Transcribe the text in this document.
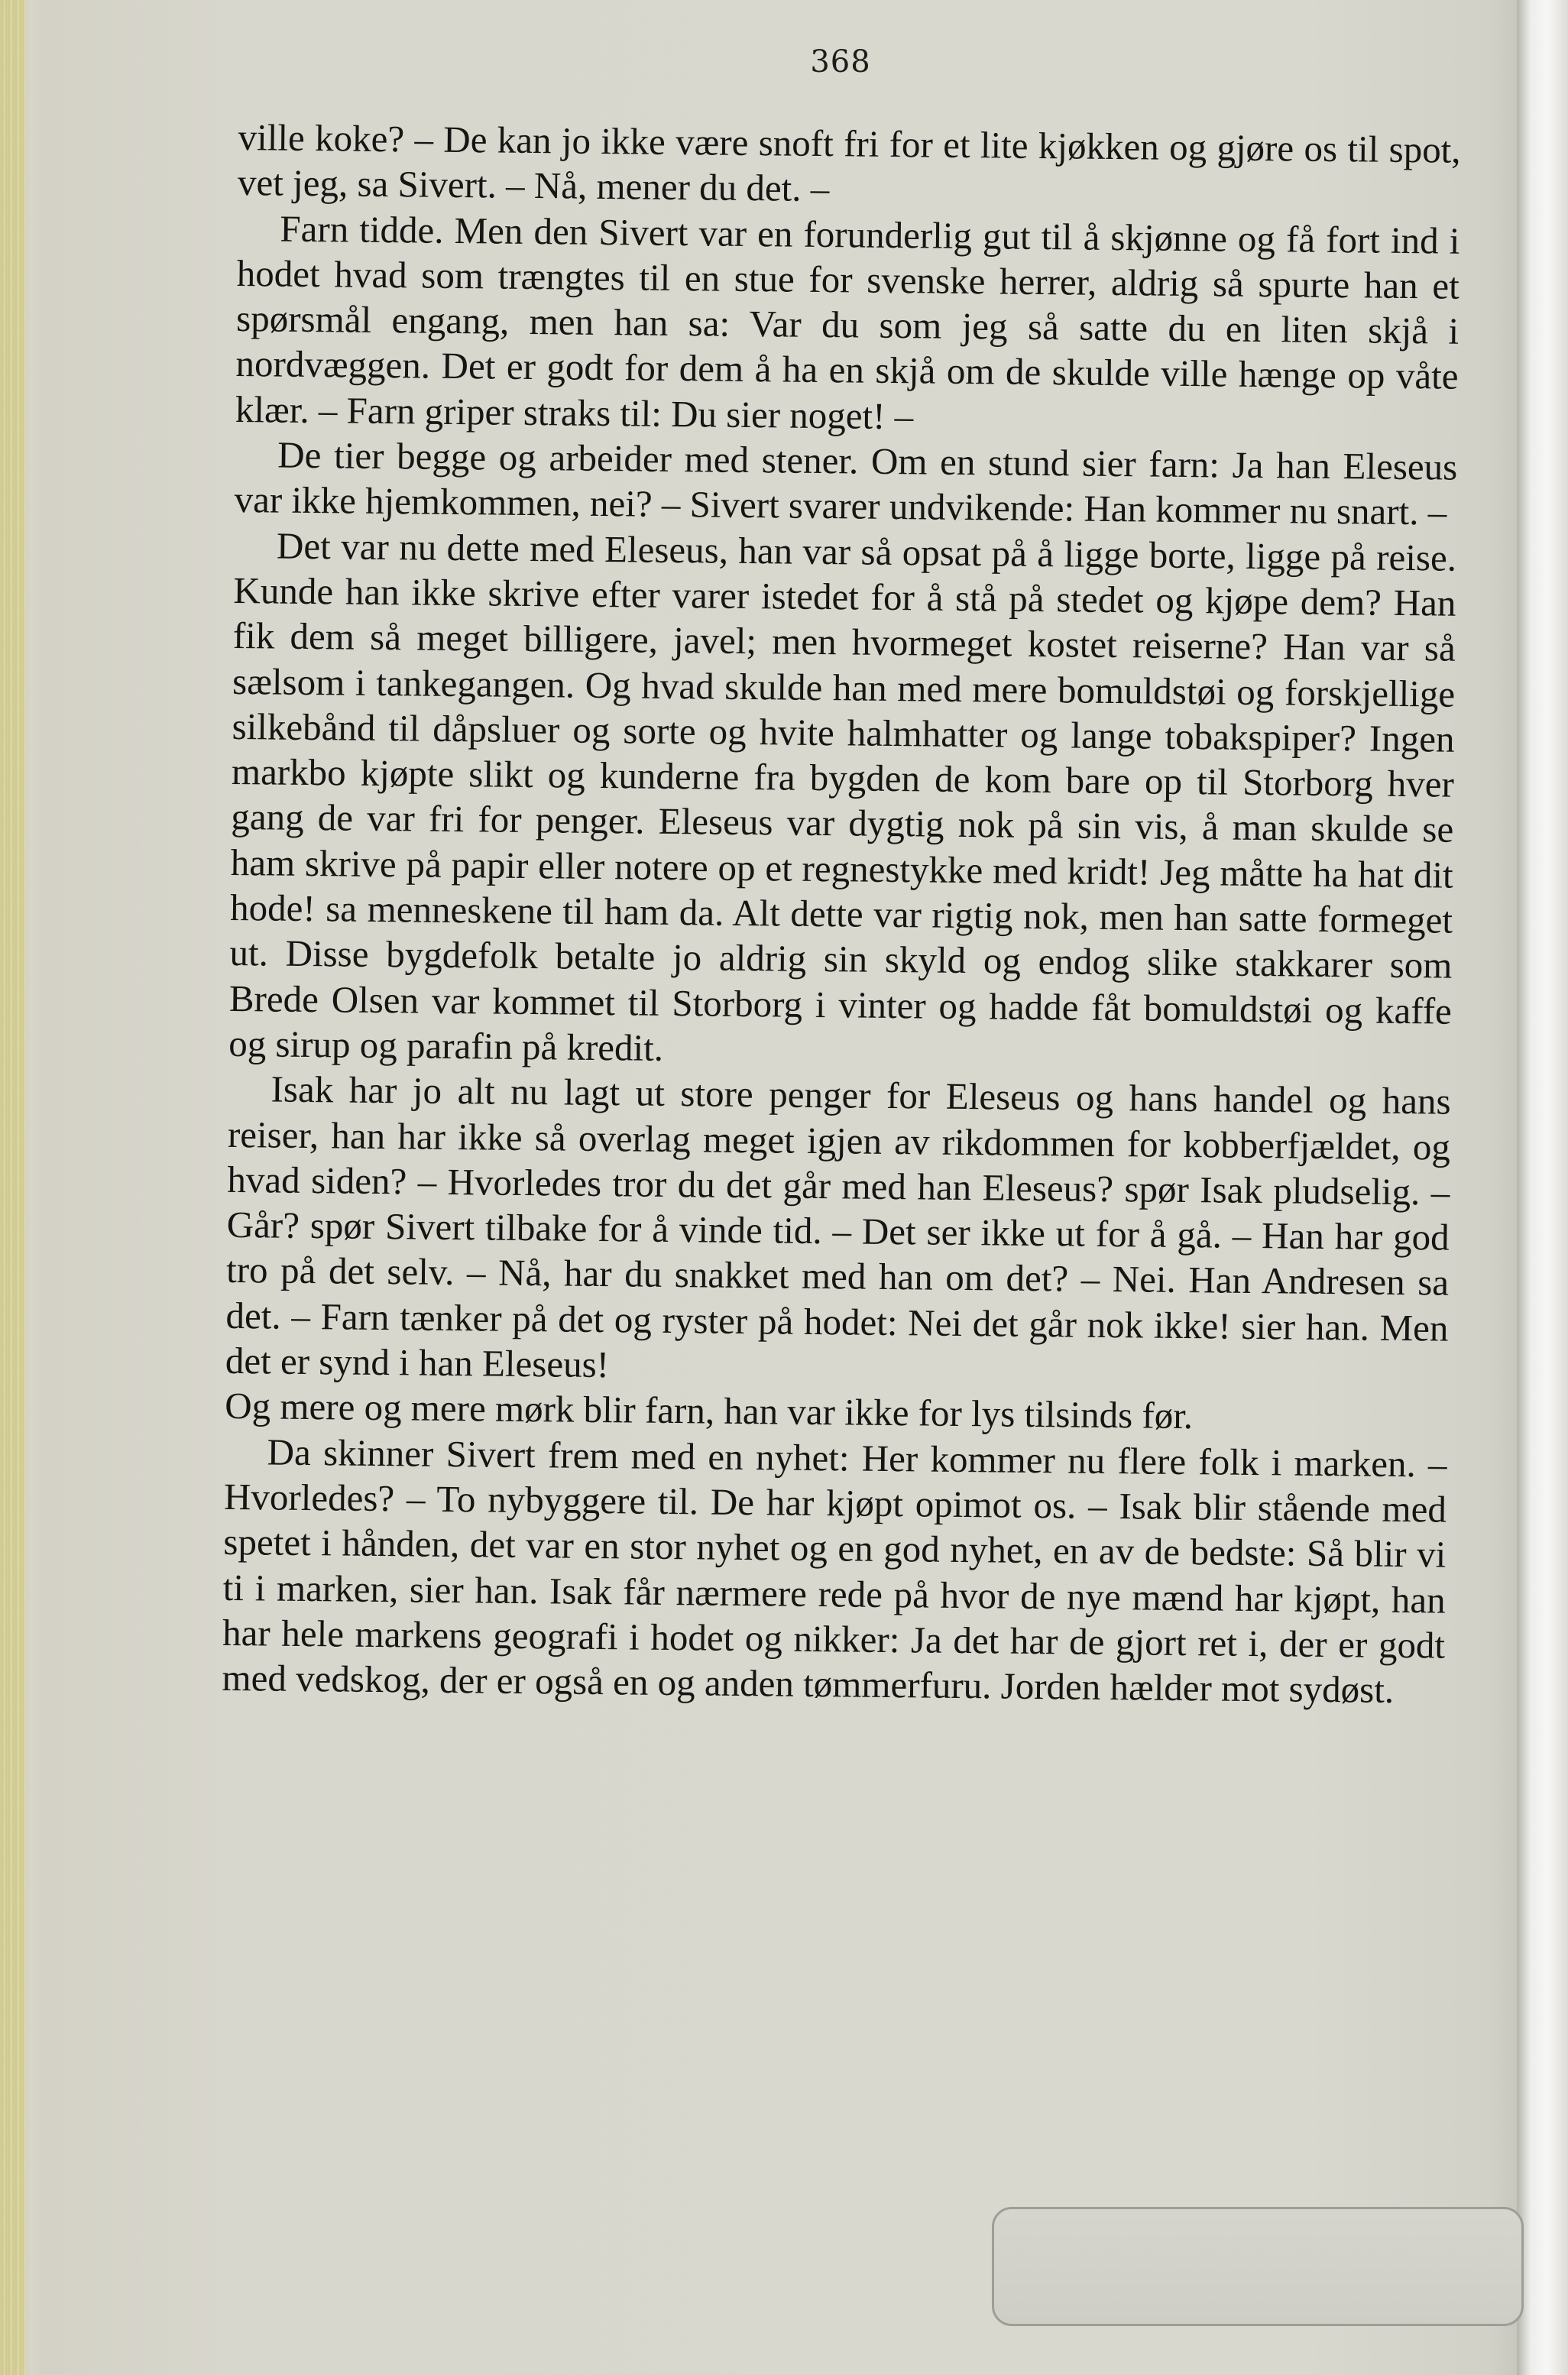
368

ville koke? – De kan jo ikke være snoft fri for et lite kjøkken og gjøre os til spot, vet jeg, sa Sivert. – Nå, mener du det. –

Farn tidde. Men den Sivert var en forunderlig gut til å skjønne og få fort ind i hodet hvad som trængtes til en stue for svenske herrer, aldrig så spurte han et spørsmål engang, men han sa: Var du som jeg så satte du en liten skjå i nordvæggen. Det er godt for dem å ha en skjå om de skulde ville hænge op våte klær. – Farn griper straks til: Du sier noget! –

De tier begge og arbeider med stener. Om en stund sier farn: Ja han Eleseus var ikke hjemkommen, nei? – Sivert svarer undvikende: Han kommer nu snart. –

Det var nu dette med Eleseus, han var så opsat på å ligge borte, ligge på reise. Kunde han ikke skrive efter varer istedet for å stå på stedet og kjøpe dem? Han fik dem så meget billigere, javel; men hvormeget kostet reiserne? Han var så sælsom i tankegangen. Og hvad skulde han med mere bomuldstøi og forskjellige silkebånd til dåpsluer og sorte og hvite halmhatter og lange tobakspiper? Ingen markbo kjøpte slikt og kunderne fra bygden de kom bare op til Storborg hver gang de var fri for penger. Eleseus var dygtig nok på sin vis, å man skulde se ham skrive på papir eller notere op et regnestykke med kridt! Jeg måtte ha hat dit hode! sa menneskene til ham da. Alt dette var rigtig nok, men han satte formeget ut. Disse bygdefolk betalte jo aldrig sin skyld og endog slike stakkarer som Brede Olsen var kommet til Storborg i vinter og hadde fåt bomuldstøi og kaffe og sirup og parafin på kredit.

Isak har jo alt nu lagt ut store penger for Eleseus og hans handel og hans reiser, han har ikke så overlag meget igjen av rikdommen for kobberfjældet, og hvad siden? – Hvorledes tror du det går med han Eleseus? spør Isak pludselig. – Går? spør Sivert tilbake for å vinde tid. – Det ser ikke ut for å gå. – Han har god tro på det selv. – Nå, har du snakket med han om det? – Nei. Han Andresen sa det. – Farn tænker på det og ryster på hodet: Nei det går nok ikke! sier han. Men det er synd i han Eleseus!

Og mere og mere mørk blir farn, han var ikke for lys tilsinds før.

Da skinner Sivert frem med en nyhet: Her kommer nu flere folk i marken. – Hvorledes? – To nybyggere til. De har kjøpt opimot os. – Isak blir stående med spetet i hånden, det var en stor nyhet og en god nyhet, en av de bedste: Så blir vi ti i marken, sier han. Isak får nærmere rede på hvor de nye mænd har kjøpt, han har hele markens geografi i hodet og nikker: Ja det har de gjort ret i, der er godt med vedskog, der er også en og anden tømmerfuru. Jorden hælder mot sydøst.
